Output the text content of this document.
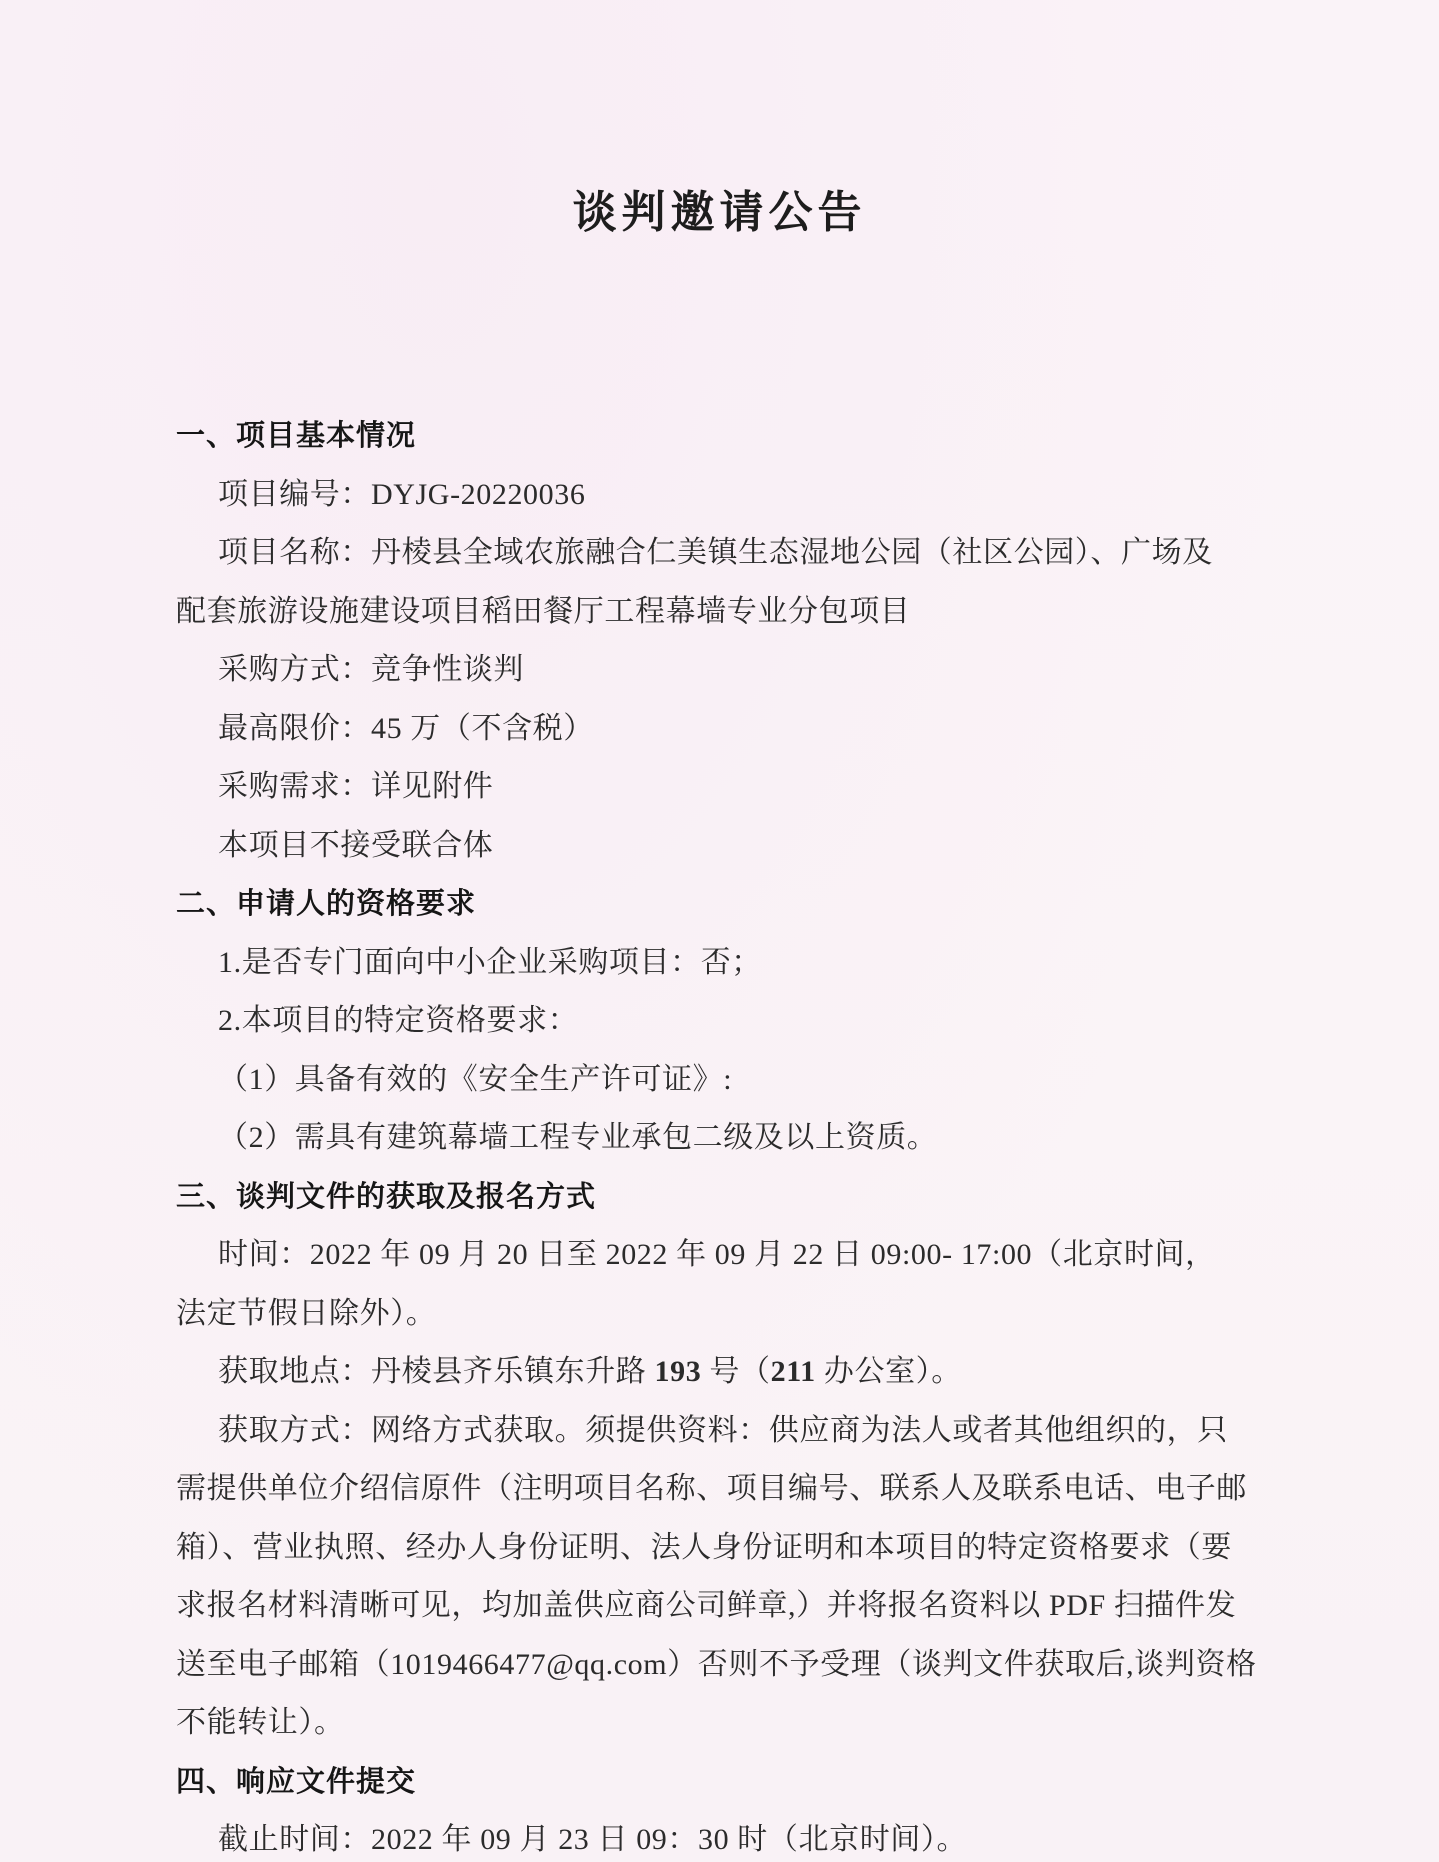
谈判邀请公告
一、项目基本情况
项目编号：DYJG-20220036
项目名称：丹棱县全域农旅融合仁美镇生态湿地公园（社区公园）、广场及
配套旅游设施建设项目稻田餐厅工程幕墙专业分包项目
采购方式：竞争性谈判
最高限价：45 万（不含税）
采购需求：详见附件
本项目不接受联合体
二、申请人的资格要求
1.是否专门面向中小企业采购项目：否；
2.本项目的特定资格要求：
（1）具备有效的《安全生产许可证》:
（2）需具有建筑幕墙工程专业承包二级及以上资质。
三、谈判文件的获取及报名方式
时间：2022 年 09 月 20 日至 2022 年 09 月 22 日 09:00- 17:00（北京时间，
法定节假日除外）。
获取地点：丹棱县齐乐镇东升路 193 号（211 办公室）。
获取方式：网络方式获取。须提供资料：供应商为法人或者其他组织的，只
需提供单位介绍信原件（注明项目名称、项目编号、联系人及联系电话、电子邮
箱）、营业执照、经办人身份证明、法人身份证明和本项目的特定资格要求（要
求报名材料清晰可见，均加盖供应商公司鲜章,）并将报名资料以 PDF 扫描件发
送至电子邮箱（1019466477@qq.com）否则不予受理（谈判文件获取后,谈判资格
不能转让）。
四、响应文件提交
截止时间：2022 年 09 月 23 日 09：30 时（北京时间）。
